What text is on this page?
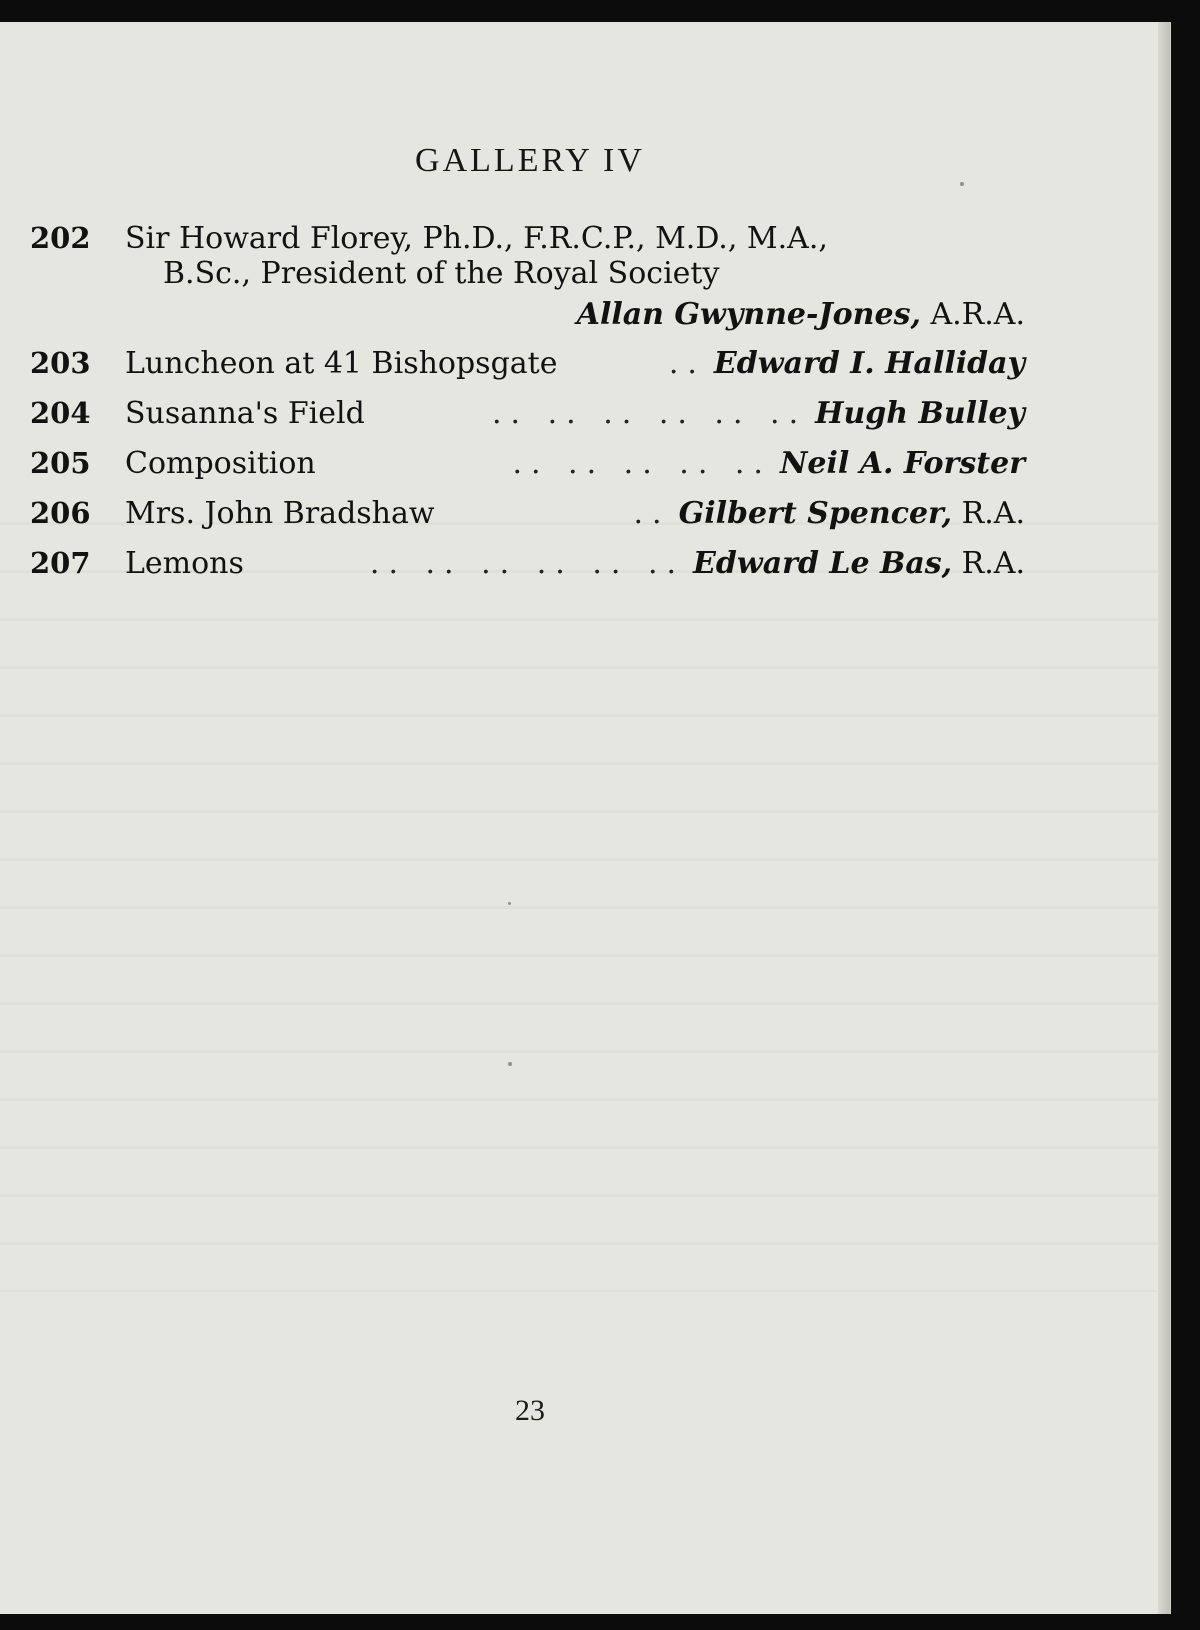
GALLERY IV
202	Sir Howard Florey, Ph.D., F.R.C.P., M.D., M.A.,
B.Sc., President of the Royal Society
Allan Gwynne-Jones, A.R.A.
203	Luncheon at 41 Bishopsgate	.. Edward I. Halliday
204	Susanna's Field	.. .. .. .. .. .. Hugh Bulley
205	Composition	.. .. .. .. .. Neil A. Forster
206	Mrs. John Bradshaw	.. Gilbert Spencer, R.A.
207	Lemons	.. .. .. .. .. .. Edward Le Bas, R.A.
23
